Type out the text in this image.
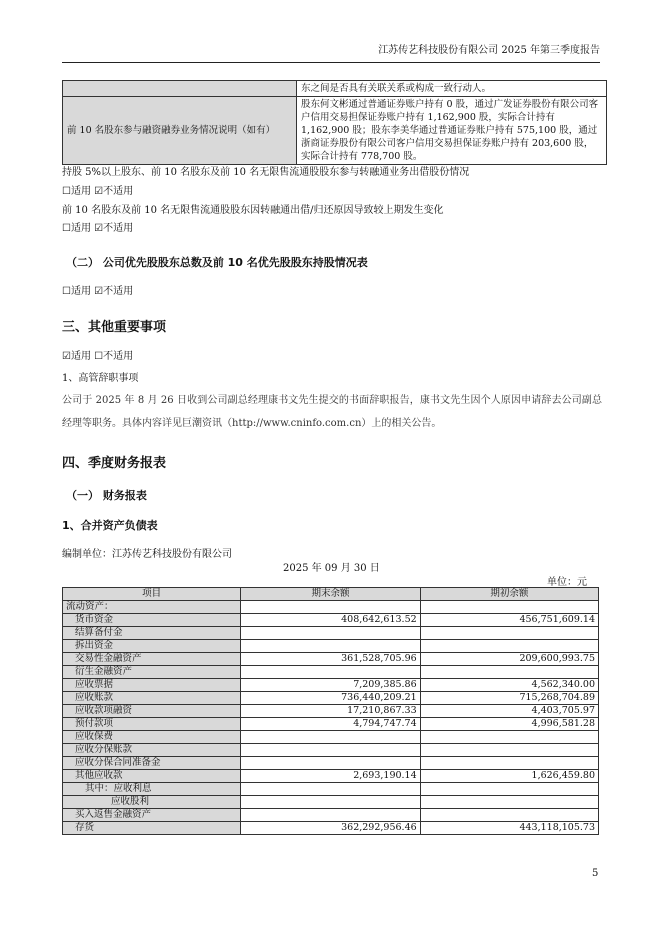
江苏传艺科技股份有限公司 2025 年第三季度报告
	东之间是否具有关联关系或构成一致行动人。
前 10 名股东参与融资融券业务情况说明（如有）	股东何文彬通过普通证券账户持有 0 股，通过广发证券股份有限公司客户信用交易担保证券账户持有 1,162,900 股，实际合计持有 1,162,900 股；股东李美华通过普通证券账户持有 575,100 股，通过浙商证券股份有限公司客户信用交易担保证券账户持有 203,600 股，实际合计持有 778,700 股。
持股 5%以上股东、前 10 名股东及前 10 名无限售流通股股东参与转融通业务出借股份情况
☐适用 ☑不适用
前 10 名股东及前 10 名无限售流通股股东因转融通出借/归还原因导致较上期发生变化
☐适用 ☑不适用
（二） 公司优先股股东总数及前 10 名优先股股东持股情况表
☐适用 ☑不适用
三、其他重要事项
☑适用 ☐不适用
1、高管辞职事项
公司于 2025 年 8 月 26 日收到公司副总经理康书文先生提交的书面辞职报告，康书文先生因个人原因申请辞去公司副总经理等职务。具体内容详见巨潮资讯（http://www.cninfo.com.cn）上的相关公告。
四、季度财务报表
（一） 财务报表
1、合并资产负债表
编制单位：江苏传艺科技股份有限公司
2025 年 09 月 30 日
单位：元
项目	期末余额	期初余额
流动资产：		
货币资金	408,642,613.52	456,751,609.14
结算备付金		
拆出资金		
交易性金融资产	361,528,705.96	209,600,993.75
衍生金融资产		
应收票据	7,209,385.86	4,562,340.00
应收账款	736,440,209.21	715,268,704.89
应收款项融资	17,210,867.33	4,403,705.97
预付款项	4,794,747.74	4,996,581.28
应收保费		
应收分保账款		
应收分保合同准备金		
其他应收款	2,693,190.14	1,626,459.80
其中：应收利息		
应收股利		
买入返售金融资产		
存货	362,292,956.46	443,118,105.73
5
